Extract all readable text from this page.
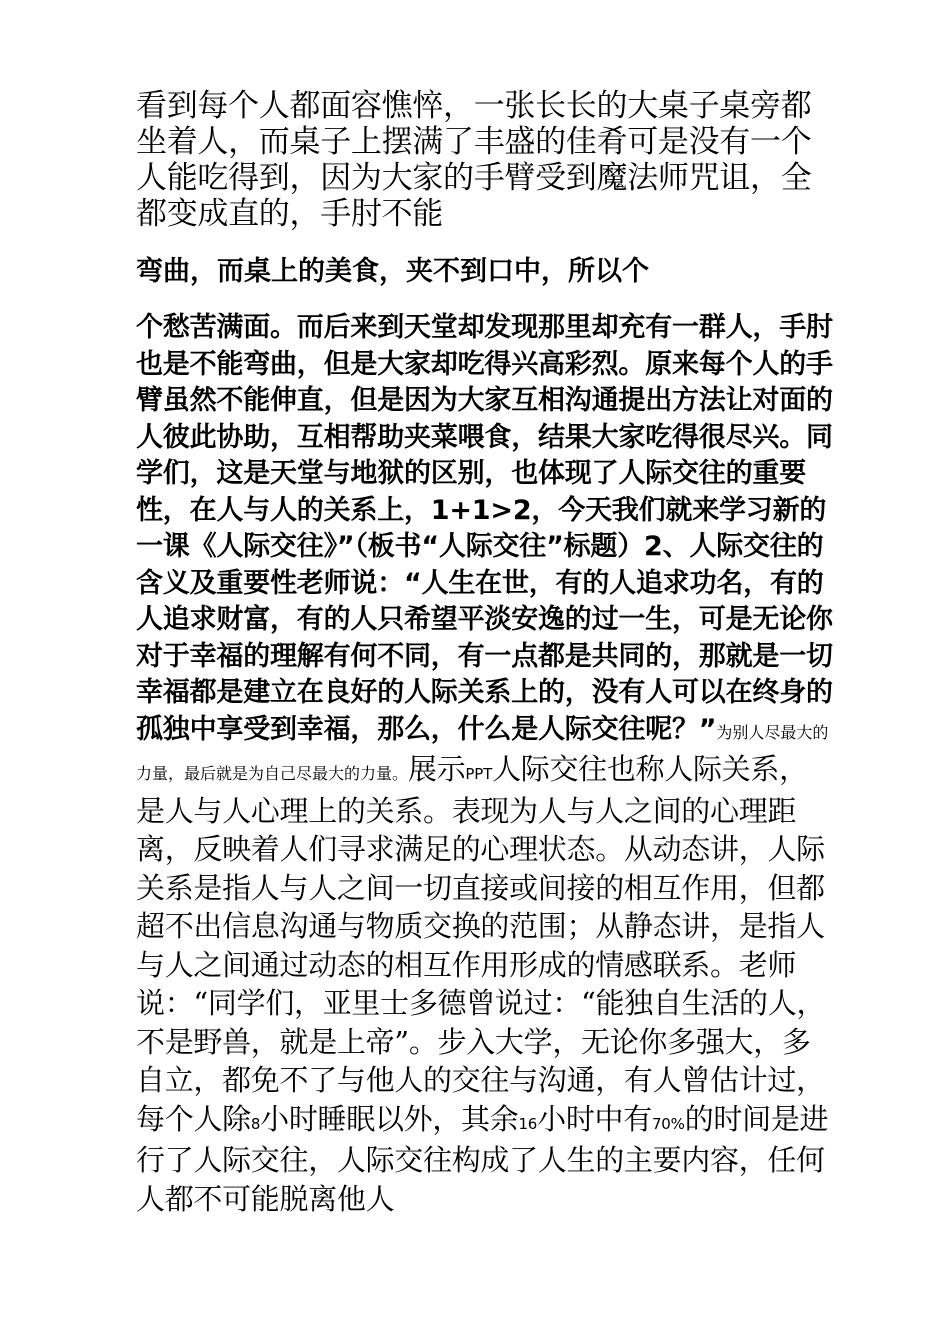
看到每个人都面容憔悴，一张长长的大桌子桌旁都坐着人，而桌子上摆满了丰盛的佳肴可是没有一个人能吃得到，因为大家的手臂受到魔法师咒诅，全都变成直的，手肘不能

弯曲，而桌上的美食，夹不到口中，所以个

个愁苦满面。而后来到天堂却发现那里却充有一群人，手肘也是不能弯曲，但是大家却吃得兴高彩烈。原来每个人的手臂虽然不能伸直，但是因为大家互相沟通提出方法让对面的人彼此协助，互相帮助夹菜喂食，结果大家吃得很尽兴。同学们，这是天堂与地狱的区别，也体现了人际交往的重要性，在人与人的关系上，1+1>2，今天我们就来学习新的一课《人际交往》”（板书“人际交往”标题）2、人际交往的含义及重要性老师说：“人生在世，有的人追求功名，有的人追求财富，有的人只希望平淡安逸的过一生，可是无论你对于幸福的理解有何不同，有一点都是共同的，那就是一切幸福都是建立在良好的人际关系上的，没有人可以在终身的孤独中享受到幸福，那么，什么是人际交往呢？”为别人尽最大的力量，最后就是为自己尽最大的力量。展示PPT人际交往也称人际关系，是人与人心理上的关系。表现为人与人之间的心理距离，反映着人们寻求满足的心理状态。从动态讲，人际关系是指人与人之间一切直接或间接的相互作用，但都超不出信息沟通与物质交换的范围；从静态讲，是指人与人之间通过动态的相互作用形成的情感联系。老师说：“同学们，亚里士多德曾说过：“能独自生活的人，不是野兽，就是上帝”。步入大学，无论你多强大，多自立，都免不了与他人的交往与沟通，有人曾估计过，每个人除8小时睡眠以外，其余16小时中有70%的时间是进行了人际交往，人际交往构成了人生的主要内容，任何人都不可能脱离他人
